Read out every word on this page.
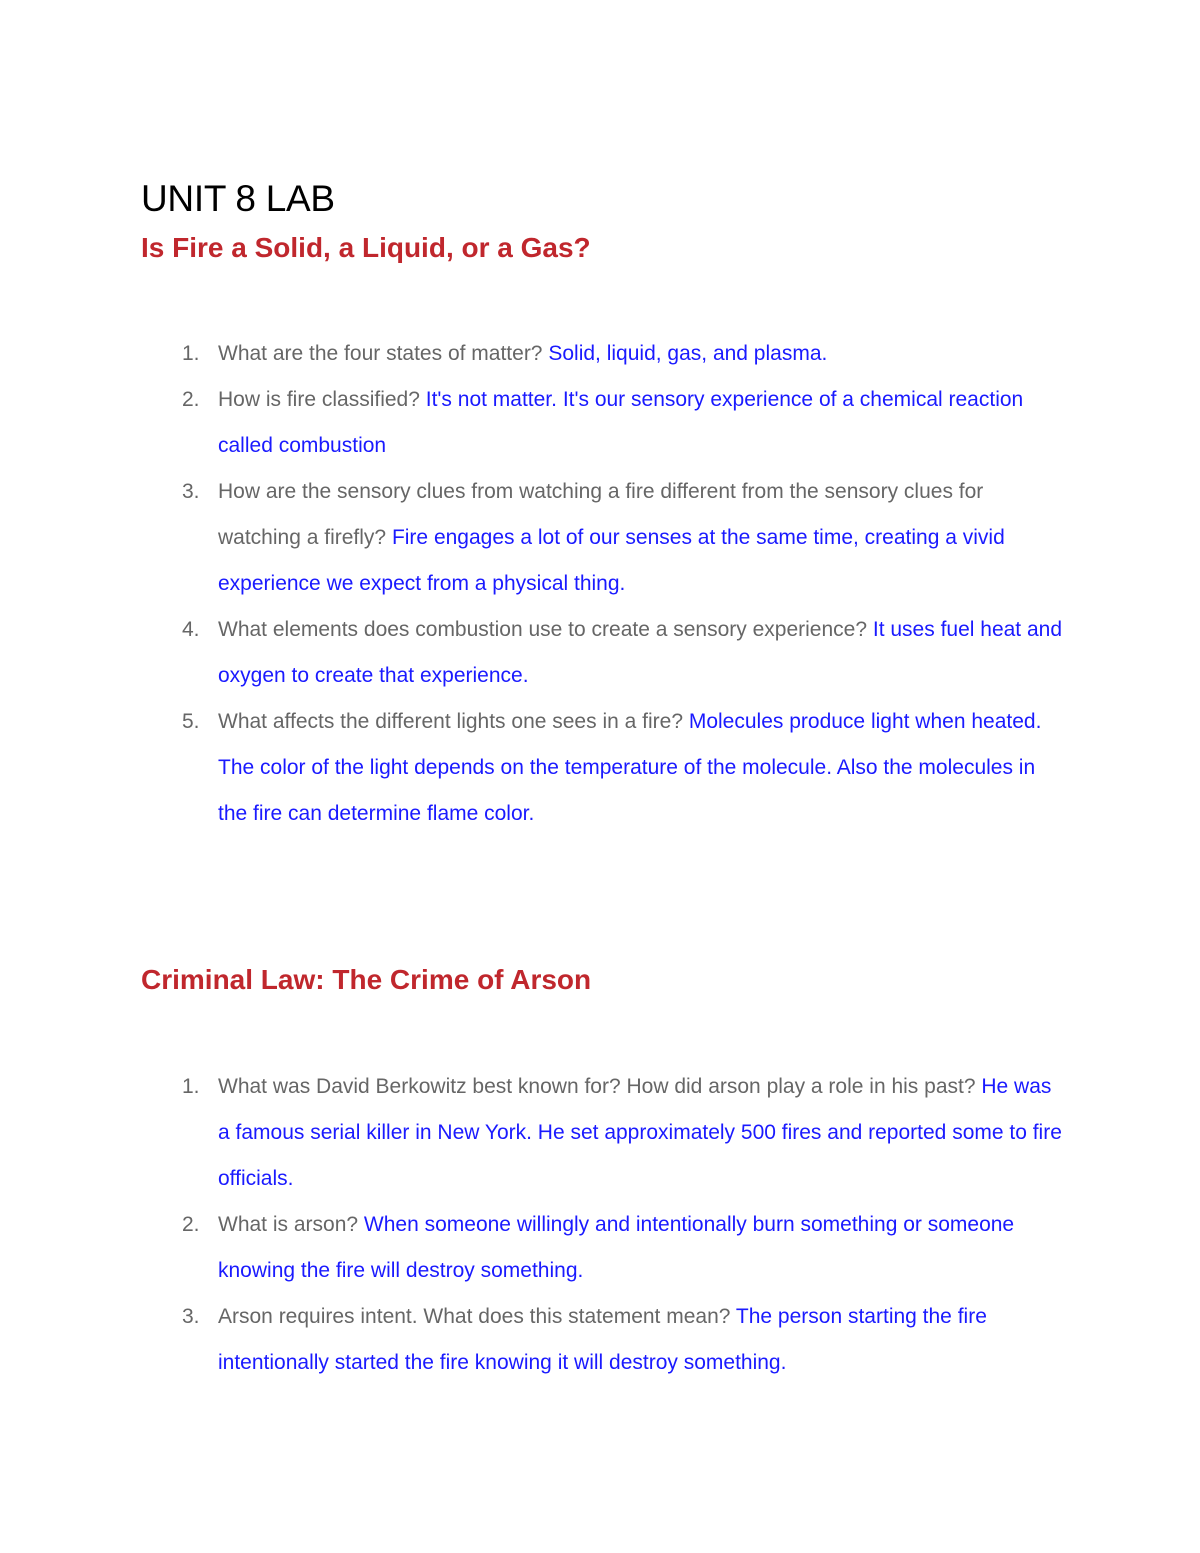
UNIT 8 LAB
Is Fire a Solid, a Liquid, or a Gas?
1. What are the four states of matter? Solid, liquid, gas, and plasma.
2. How is fire classified? It's not matter. It's our sensory experience of a chemical reaction called combustion
3. How are the sensory clues from watching a fire different from the sensory clues for watching a firefly? Fire engages a lot of our senses at the same time, creating a vivid experience we expect from a physical thing.
4. What elements does combustion use to create a sensory experience? It uses fuel heat and oxygen to create that experience.
5. What affects the different lights one sees in a fire? Molecules produce light when heated. The color of the light depends on the temperature of the molecule. Also the molecules in the fire can determine flame color.
Criminal Law: The Crime of Arson
1. What was David Berkowitz best known for? How did arson play a role in his past? He was a famous serial killer in New York. He set approximately 500 fires and reported some to fire officials.
2. What is arson? When someone willingly and intentionally burn something or someone knowing the fire will destroy something.
3. Arson requires intent. What does this statement mean? The person starting the fire intentionally started the fire knowing it will destroy something.
